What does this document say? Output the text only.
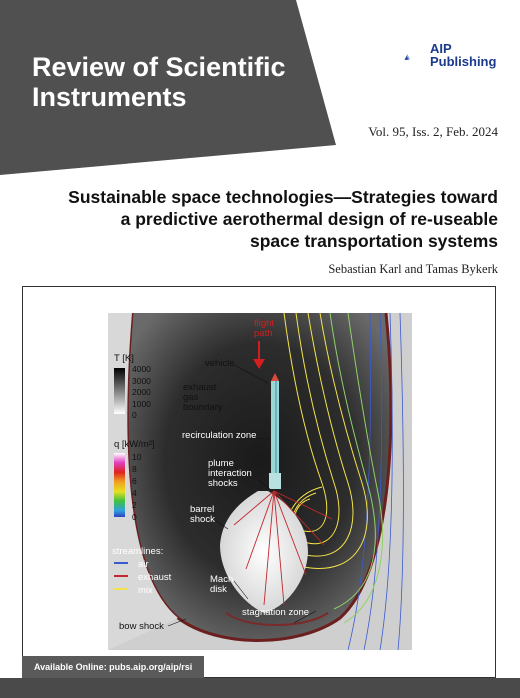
Review of Scientific
Instruments
AIP
Publishing
Vol. 95, Iss. 2, Feb. 2024
Sustainable space technologies—Strategies toward
a predictive aerothermal design of re-useable
space transportation systems
Sebastian Karl and Tamas Bykerk
flight
path
vehicle
T [K]
4000
3000
2000
1000
0
exhaust
gas
boundary
recirculation zone
q [kW/m²]
10
8
6
4
2
0
plume
interaction
shocks
barrel
shock
streamlines:
air
exhaust
mix
Mach
disk
stagnation zone
bow shock
Available Online: pubs.aip.org/aip/rsi
